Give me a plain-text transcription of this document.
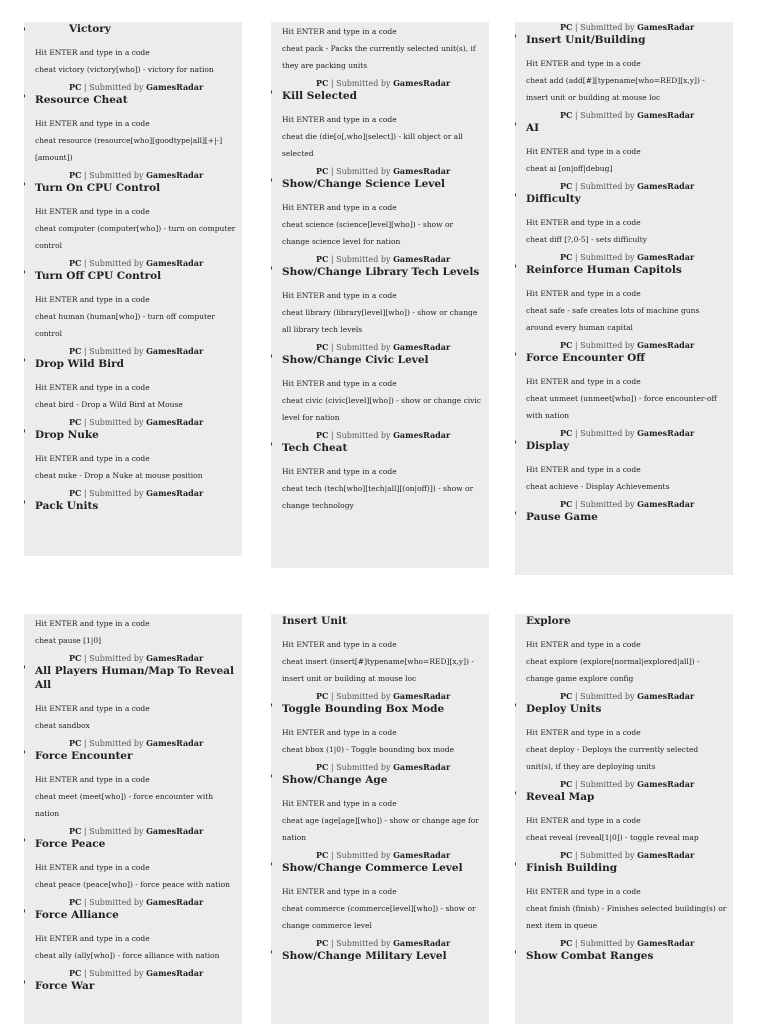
Victory
Hit ENTER and type in a code
cheat victory (victory[who]) - victory for nation
PC | Submitted by GamesRadar
Resource Cheat
Hit ENTER and type in a code
cheat resource (resource[who][goodtype|all][+|-][amount])
PC | Submitted by GamesRadar
Turn On CPU Control
Hit ENTER and type in a code
cheat computer (computer[who]) - turn on computer control
PC | Submitted by GamesRadar
Turn Off CPU Control
Hit ENTER and type in a code
cheat human (human[who]) - turn off computer control
PC | Submitted by GamesRadar
Drop Wild Bird
Hit ENTER and type in a code
cheat bird - Drop a Wild Bird at Mouse
PC | Submitted by GamesRadar
Drop Nuke
Hit ENTER and type in a code
cheat nuke - Drop a Nuke at mouse position
PC | Submitted by GamesRadar
Pack Units
Hit ENTER and type in a code
cheat pack - Packs the currently selected unit(s), if they are packing units
PC | Submitted by GamesRadar
Kill Selected
Hit ENTER and type in a code
cheat die (die[o[,who]|select]) - kill object or all selected
PC | Submitted by GamesRadar
Show/Change Science Level
Hit ENTER and type in a code
cheat science (science[level][who]) - show or change science level for nation
PC | Submitted by GamesRadar
Show/Change Library Tech Levels
Hit ENTER and type in a code
cheat library (library[level][who]) - show or change all library tech levels
PC | Submitted by GamesRadar
Show/Change Civic Level
Hit ENTER and type in a code
cheat civic (civic[level][who]) - show or change civic level for nation
PC | Submitted by GamesRadar
Tech Cheat
Hit ENTER and type in a code
cheat tech (tech[who][tech|all][(on|off)]) - show or change technology
PC | Submitted by GamesRadar
Insert Unit/Building
Hit ENTER and type in a code
cheat add (add[#][typename[who=RED][x,y]) - insert unit or building at mouse loc
PC | Submitted by GamesRadar
AI
Hit ENTER and type in a code
cheat ai [on|off|debug]
PC | Submitted by GamesRadar
Difficulty
Hit ENTER and type in a code
cheat diff [?,0-5] - sets difficulty
PC | Submitted by GamesRadar
Reinforce Human Capitols
Hit ENTER and type in a code
cheat safe - safe creates lots of machine guns around every human capital
PC | Submitted by GamesRadar
Force Encounter Off
Hit ENTER and type in a code
cheat unmeet (unmeet[who]) - force encounter-off with nation
PC | Submitted by GamesRadar
Display
Hit ENTER and type in a code
cheat achieve - Display Achievements
PC | Submitted by GamesRadar
Pause Game
Hit ENTER and type in a code
cheat pause [1|0]
PC | Submitted by GamesRadar
All Players Human/Map To Reveal All
Hit ENTER and type in a code
cheat sandbox
PC | Submitted by GamesRadar
Force Encounter
Hit ENTER and type in a code
cheat meet (meet[who]) - force encounter with nation
PC | Submitted by GamesRadar
Force Peace
Hit ENTER and type in a code
cheat peace (peace[who]) - force peace with nation
PC | Submitted by GamesRadar
Force Alliance
Hit ENTER and type in a code
cheat ally (ally[who]) - force alliance with nation
PC | Submitted by GamesRadar
Force War
Insert Unit
Hit ENTER and type in a code
cheat insert (insert[#]typename[who=RED][x,y]) - insert unit or building at mouse loc
PC | Submitted by GamesRadar
Toggle Bounding Box Mode
Hit ENTER and type in a code
cheat bbox (1|0) - Toggle bounding box mode
PC | Submitted by GamesRadar
Show/Change Age
Hit ENTER and type in a code
cheat age (age[age][who]) - show or change age for nation
PC | Submitted by GamesRadar
Show/Change Commerce Level
Hit ENTER and type in a code
cheat commerce (commerce[level][who]) - show or change commerce level
PC | Submitted by GamesRadar
Show/Change Military Level
Explore
Hit ENTER and type in a code
cheat explore (explore[normal|explored|all]) - change game explore config
PC | Submitted by GamesRadar
Deploy Units
Hit ENTER and type in a code
cheat deploy - Deploys the currently selected unit(s), if they are deploying units
PC | Submitted by GamesRadar
Reveal Map
Hit ENTER and type in a code
cheat reveal (reveal[1|0]) - toggle reveal map
PC | Submitted by GamesRadar
Finish Building
Hit ENTER and type in a code
cheat finish (finish) - Finishes selected building(s) or next item in queue
PC | Submitted by GamesRadar
Show Combat Ranges
